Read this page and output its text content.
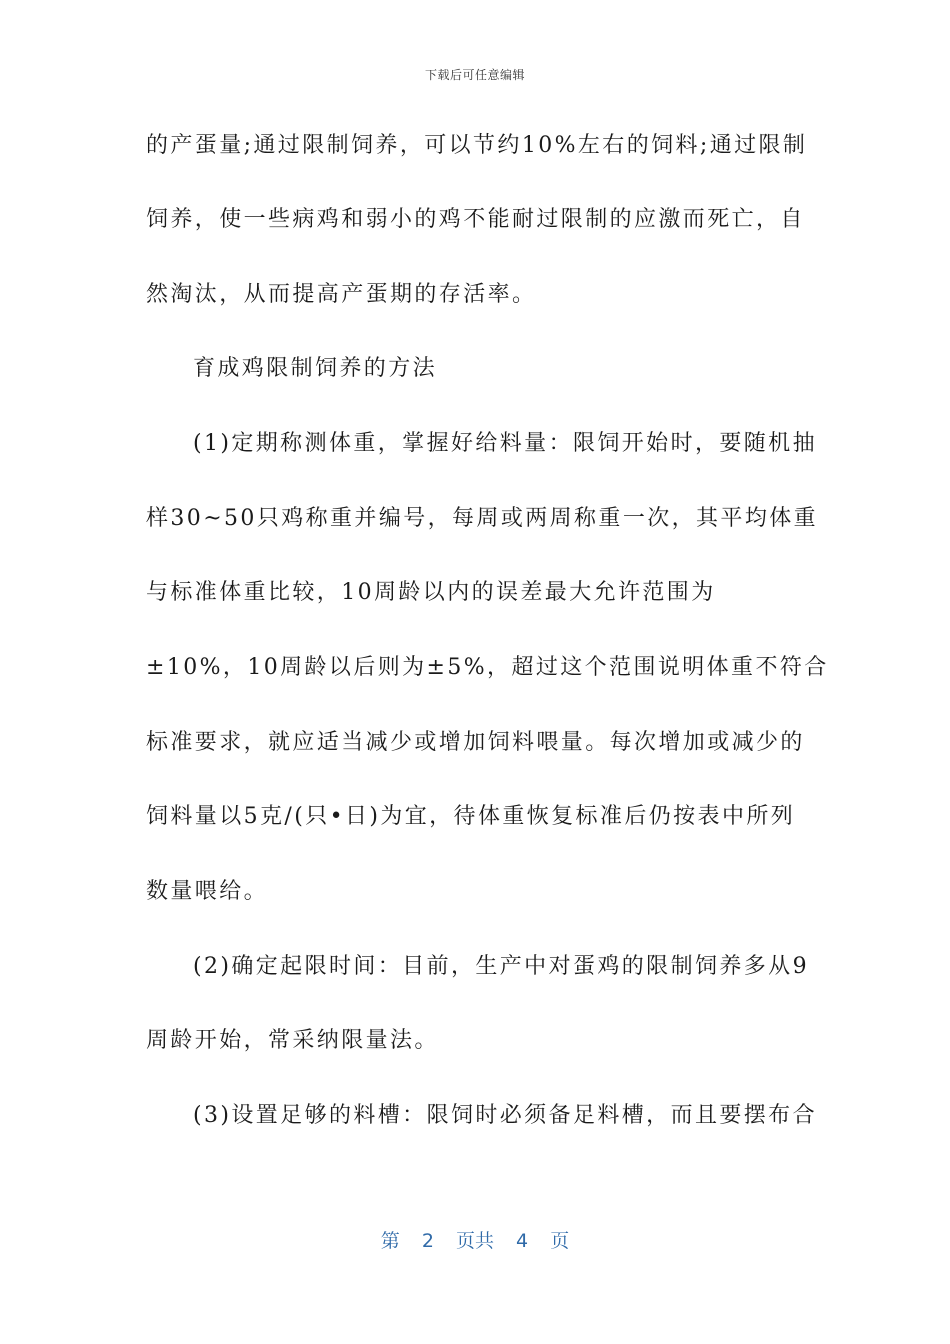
下载后可任意编辑
的产蛋量;通过限制饲养，可以节约10%左右的饲料;通过限制
饲养，使一些病鸡和弱小的鸡不能耐过限制的应激而死亡，自
然淘汰，从而提高产蛋期的存活率。
育成鸡限制饲养的方法
(1)定期称测体重，掌握好给料量：限饲开始时，要随机抽
样30~50只鸡称重并编号，每周或两周称重一次，其平均体重
与标准体重比较，10周龄以内的误差最大允许范围为
±10%，10周龄以后则为±5%，超过这个范围说明体重不符合
标准要求，就应适当减少或增加饲料喂量。每次增加或减少的
饲料量以5克/(只•日)为宜，待体重恢复标准后仍按表中所列
数量喂给。
(2)确定起限时间：目前，生产中对蛋鸡的限制饲养多从9
周龄开始，常采纳限量法。
(3)设置足够的料槽：限饲时必须备足料槽，而且要摆布合
第 2 页共 4 页
